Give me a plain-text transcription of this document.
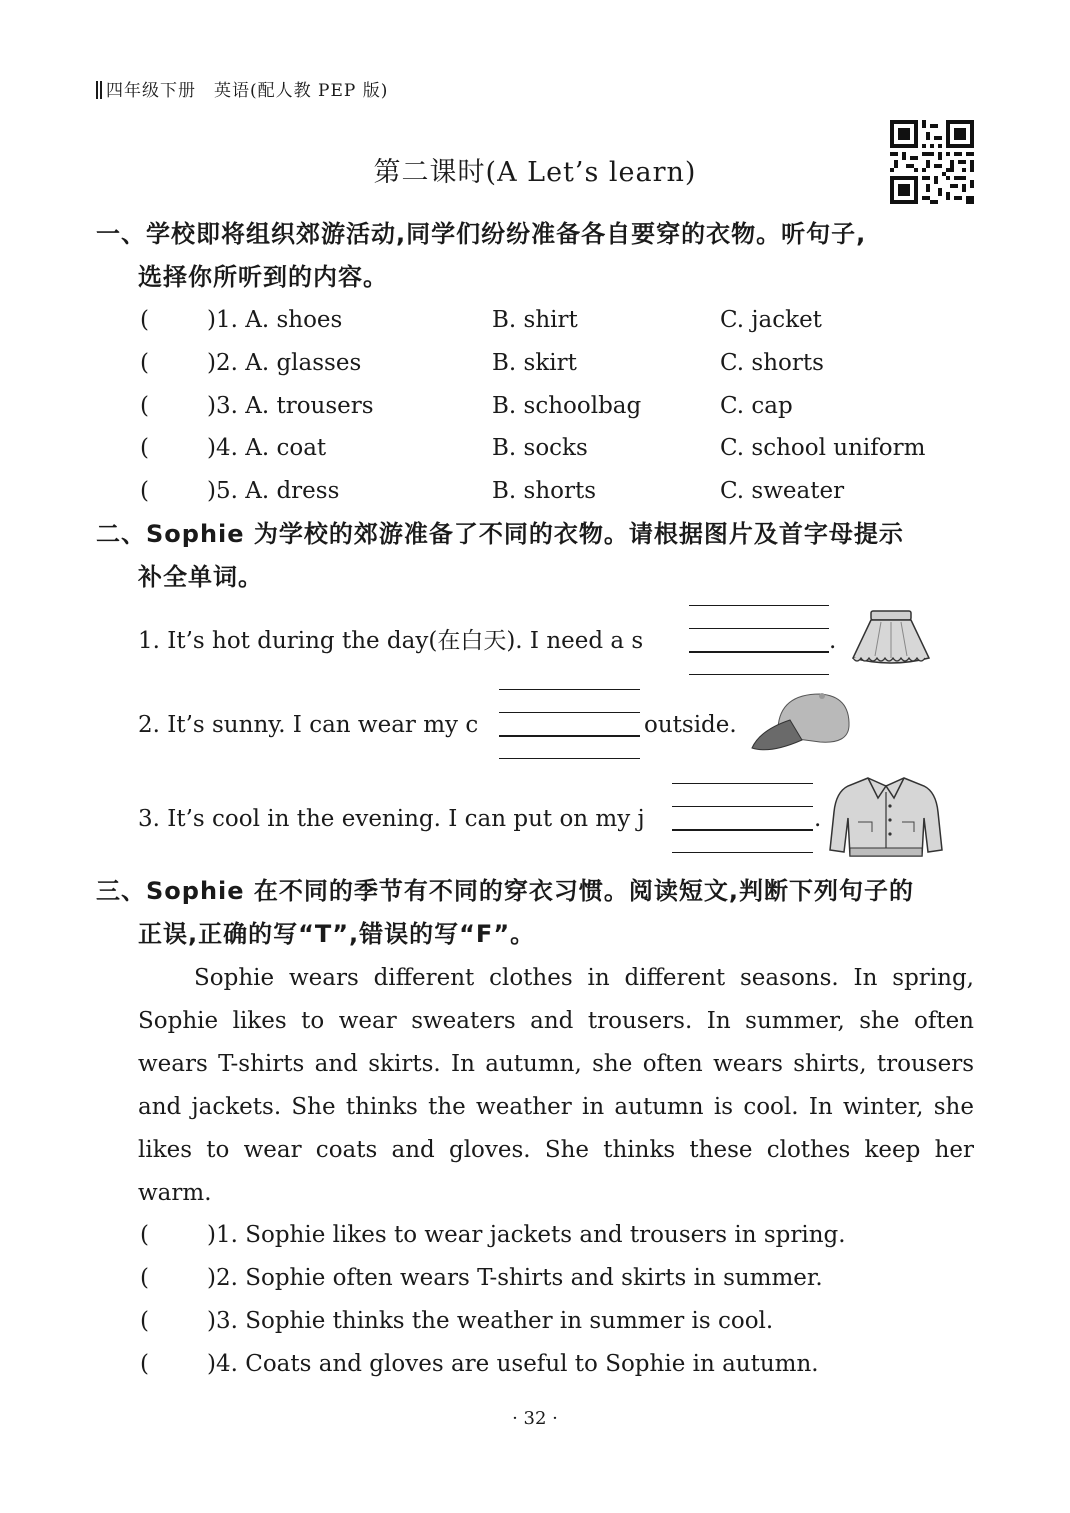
四年级下册　英语(配人教 PEP 版)
第二课时(A Let’s learn)
一、学校即将组织郊游活动,同学们纷纷准备各自要穿的衣物。听句子,
选择你所听到的内容。
(	)1. A. shoes	B. shirt	C. jacket
(	)2. A. glasses	B. skirt	C. shorts
(	)3. A. trousers	B. schoolbag	C. cap
(	)4. A. coat	B. socks	C. school uniform
(	)5. A. dress	B. shorts	C. sweater
二、Sophie 为学校的郊游准备了不同的衣物。请根据图片及首字母提示
补全单词。
1. It’s hot during the day(在白天). I need a s	.
2. It’s sunny. I can wear my c	outside.
3. It’s cool in the evening. I can put on my j	.
三、Sophie 在不同的季节有不同的穿衣习惯。阅读短文,判断下列句子的
正误,正确的写“T”,错误的写“F”。

Sophie wears different clothes in different seasons. In spring, Sophie likes to wear sweaters and trousers. In summer, she often wears T-shirts and skirts. In autumn, she often wears shirts, trousers and jackets. She thinks the weather in autumn is cool. In winter, she likes to wear coats and gloves. She thinks these clothes keep her warm.

(	)1. Sophie likes to wear jackets and trousers in spring.
(	)2. Sophie often wears T-shirts and skirts in summer.
(	)3. Sophie thinks the weather in summer is cool.
(	)4. Coats and gloves are useful to Sophie in autumn.
· 32 ·
